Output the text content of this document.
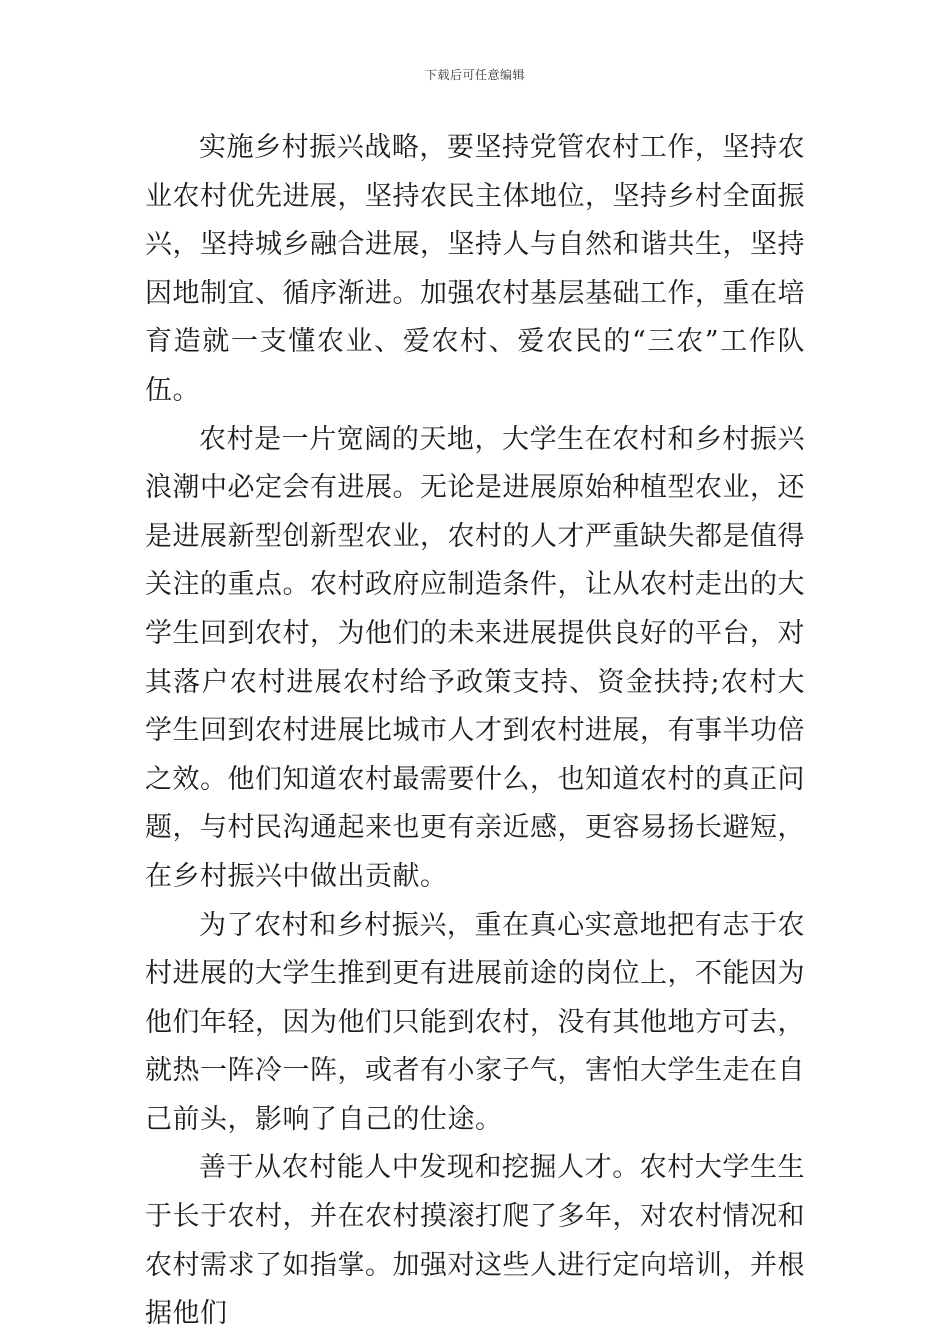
下载后可任意编辑

实施乡村振兴战略，要坚持党管农村工作，坚持农业农村优先进展，坚持农民主体地位，坚持乡村全面振兴，坚持城乡融合进展，坚持人与自然和谐共生，坚持因地制宜、循序渐进。加强农村基层基础工作，重在培育造就一支懂农业、爱农村、爱农民的“三农”工作队伍。

农村是一片宽阔的天地，大学生在农村和乡村振兴浪潮中必定会有进展。无论是进展原始种植型农业，还是进展新型创新型农业，农村的人才严重缺失都是值得关注的重点。农村政府应制造条件，让从农村走出的大学生回到农村，为他们的未来进展提供良好的平台，对其落户农村进展农村给予政策支持、资金扶持;农村大学生回到农村进展比城市人才到农村进展，有事半功倍之效。他们知道农村最需要什么，也知道农村的真正问题，与村民沟通起来也更有亲近感，更容易扬长避短，在乡村振兴中做出贡献。

为了农村和乡村振兴，重在真心实意地把有志于农村进展的大学生推到更有进展前途的岗位上，不能因为他们年轻，因为他们只能到农村，没有其他地方可去，就热一阵冷一阵，或者有小家子气，害怕大学生走在自己前头，影响了自己的仕途。

善于从农村能人中发现和挖掘人才。农村大学生生于长于农村，并在农村摸滚打爬了多年，对农村情况和农村需求了如指掌。加强对这些人进行定向培训，并根据他们
